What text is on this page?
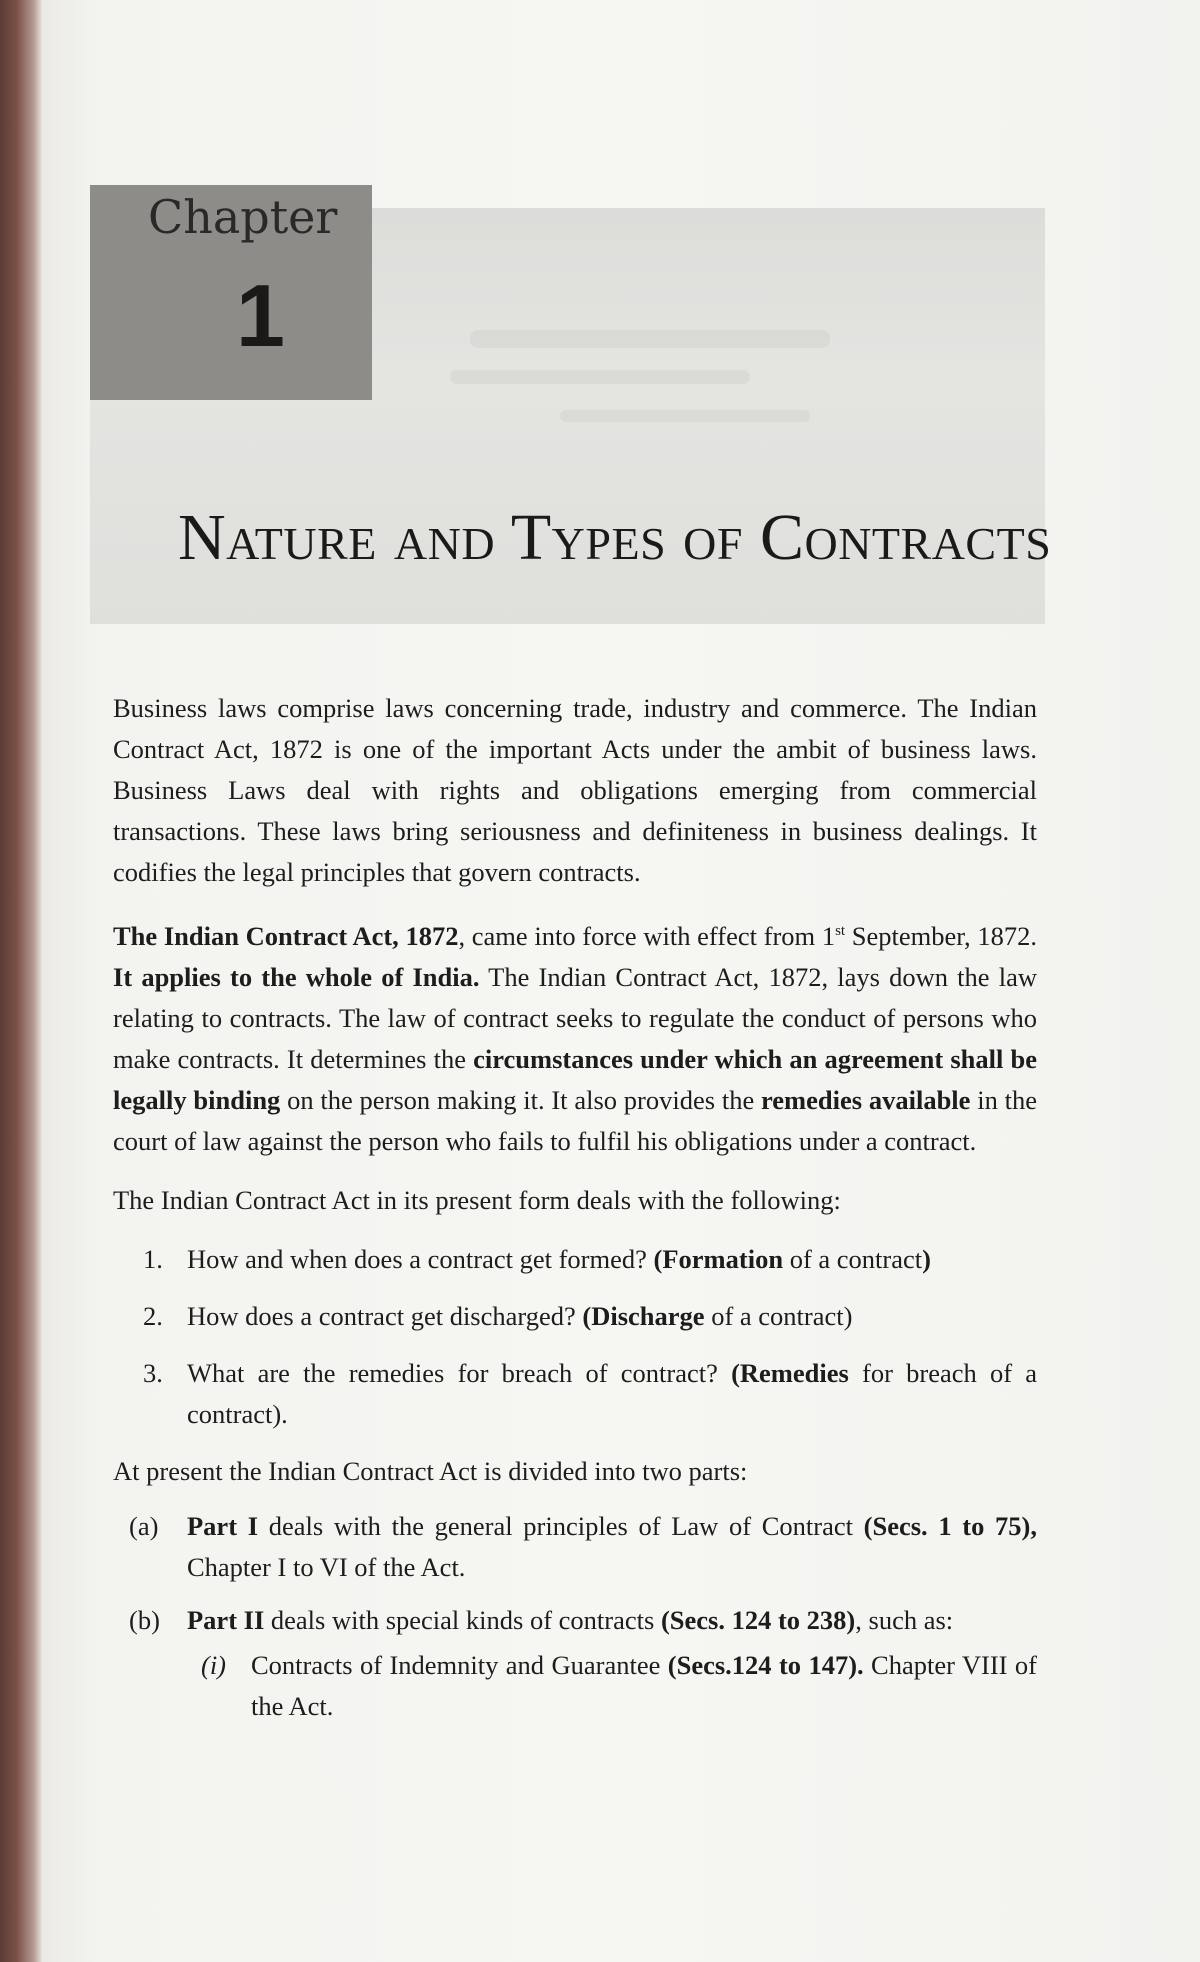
Chapter
1
Nature and Types of Contracts

Business laws comprise laws concerning trade, industry and commerce. The Indian Contract Act, 1872 is one of the important Acts under the ambit of business laws. Business Laws deal with rights and obligations emerging from commercial transactions. These laws bring seriousness and definiteness in business dealings. It codifies the legal principles that govern contracts.

The Indian Contract Act, 1872, came into force with effect from 1st September, 1872. It applies to the whole of India. The Indian Contract Act, 1872, lays down the law relating to contracts. The law of contract seeks to regulate the conduct of persons who make contracts. It determines the circumstances under which an agreement shall be legally binding on the person making it. It also provides the remedies available in the court of law against the person who fails to fulfil his obligations under a contract.

The Indian Contract Act in its present form deals with the following:

1. How and when does a contract get formed? (Formation of a contract)
2. How does a contract get discharged? (Discharge of a contract)
3. What are the remedies for breach of contract? (Remedies for breach of a contract).

At present the Indian Contract Act is divided into two parts:

(a) Part I deals with the general principles of Law of Contract (Secs. 1 to 75), Chapter I to VI of the Act.
(b) Part II deals with special kinds of contracts (Secs. 124 to 238), such as:
(i) Contracts of Indemnity and Guarantee (Secs.124 to 147). Chapter VIII of the Act.
